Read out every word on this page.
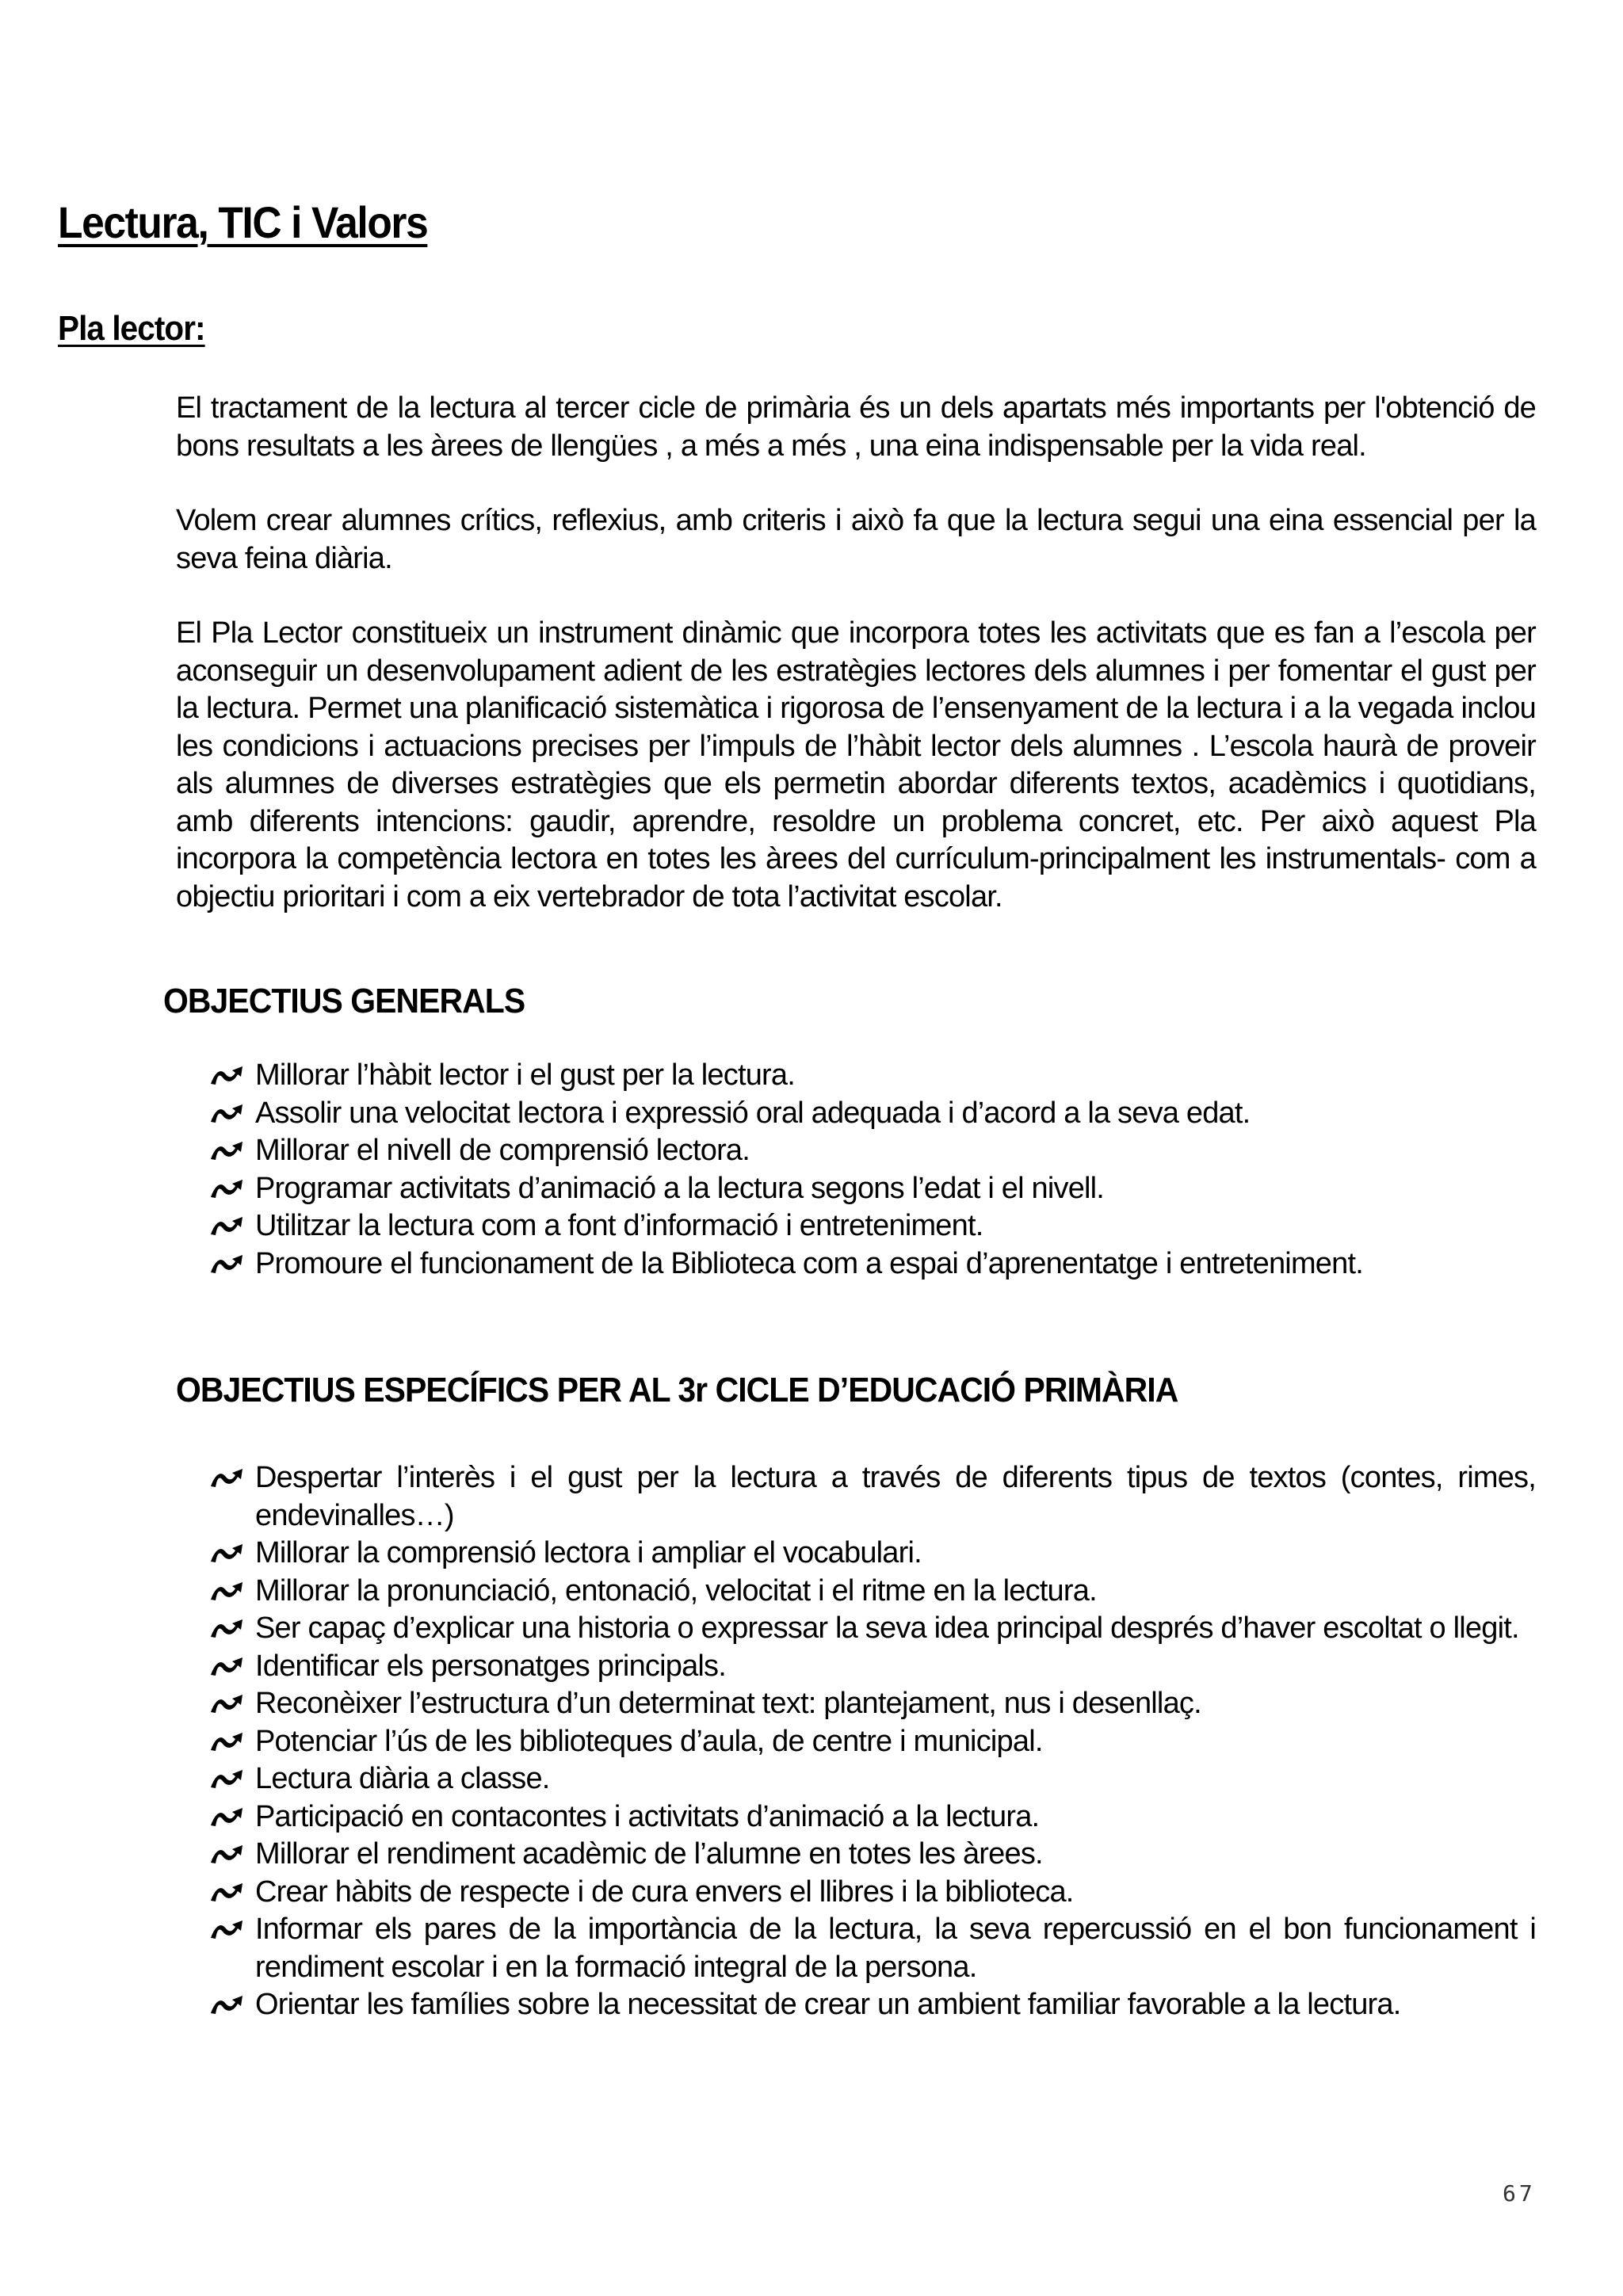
Lectura, TIC i Valors
Pla lector:

El tractament de la lectura al tercer cicle de primària és un dels apartats més importants per l'obtenció de bons resultats a les àrees de llengües , a més a més , una eina indispensable per la vida real.

Volem crear alumnes crítics, reflexius, amb criteris i això fa que la lectura segui una eina essencial per la seva feina diària.

El Pla Lector constitueix un instrument dinàmic que incorpora totes les activitats que es fan a l’escola per aconseguir un desenvolupament adient de les estratègies lectores dels alumnes i per fomentar el gust per la lectura. Permet una planificació sistemàtica i rigorosa de l’ensenyament de la lectura i a la vegada inclou les condicions i actuacions precises per l’impuls de l’hàbit lector dels alumnes . L’escola haurà de proveir als alumnes de diverses estratègies que els permetin abordar diferents textos, acadèmics i quotidians, amb diferents intencions: gaudir, aprendre, resoldre un problema concret, etc. Per això aquest Pla incorpora la competència lectora en totes les àrees del currículum-principalment les instrumentals- com a objectiu prioritari i com a eix vertebrador de tota l’activitat escolar.

OBJECTIUS GENERALS
Millorar l’hàbit lector i el gust per la lectura.
Assolir una velocitat lectora i expressió oral adequada i d’acord a la seva edat.
Millorar el nivell de comprensió lectora.
Programar activitats d’animació a la lectura segons l’edat i el nivell.
Utilitzar la lectura com a font d’informació i entreteniment.
Promoure el funcionament de la Biblioteca com a espai d’aprenentatge i entreteniment.
OBJECTIUS ESPECÍFICS PER AL 3r CICLE D’EDUCACIÓ PRIMÀRIA
Despertar l’interès i el gust per la lectura a través de diferents tipus de textos (contes, rimes, endevinalles…)
Millorar la comprensió lectora i ampliar el vocabulari.
Millorar la pronunciació, entonació, velocitat i el ritme en la lectura.
Ser capaç d’explicar una historia o expressar la seva idea principal després d’haver escoltat o llegit.
Identificar els personatges principals.
Reconèixer l’estructura d’un determinat text: plantejament, nus i desenllaç.
Potenciar l’ús de les biblioteques d’aula, de centre i municipal.
Lectura diària a classe.
Participació en contacontes i activitats d’animació a la lectura.
Millorar el rendiment acadèmic de l’alumne en totes les àrees.
Crear hàbits de respecte i de cura envers el llibres i la biblioteca.
Informar els pares de la importància de la lectura, la seva repercussió en el bon funcionament i rendiment escolar i en la formació integral de la persona.
Orientar les famílies sobre la necessitat de crear un ambient familiar favorable a la lectura.
67
